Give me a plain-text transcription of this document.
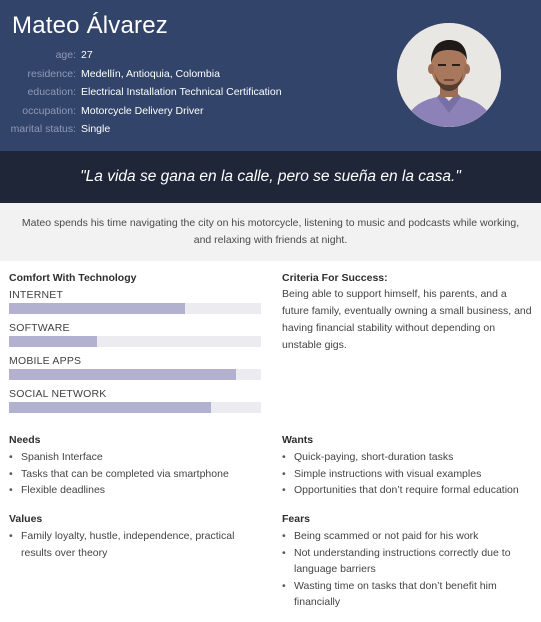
Mateo Álvarez
age: 27
residence: Medellín, Antioquia, Colombia
education: Electrical Installation Technical Certification
occupation: Motorcycle Delivery Driver
marital status: Single
"La vida se gana en la calle, pero se sueña en la casa."
Mateo spends his time navigating the city on his motorcycle, listening to music and podcasts while working, and relaxing with friends at night.
Comfort With Technology
INTERNET
SOFTWARE
MOBILE APPS
SOCIAL NETWORK
Criteria For Success:
Being able to support himself, his parents, and a future family, eventually owning a small business, and having financial stability without depending on unstable gigs.
Needs
• Spanish Interface
• Tasks that can be completed via smartphone
• Flexible deadlines
Wants
• Quick-paying, short-duration tasks
• Simple instructions with visual examples
• Opportunities that don’t require formal education
Values
• Family loyalty, hustle, independence, practical results over theory
Fears
• Being scammed or not paid for his work
• Not understanding instructions correctly due to language barriers
• Wasting time on tasks that don’t benefit him financially
